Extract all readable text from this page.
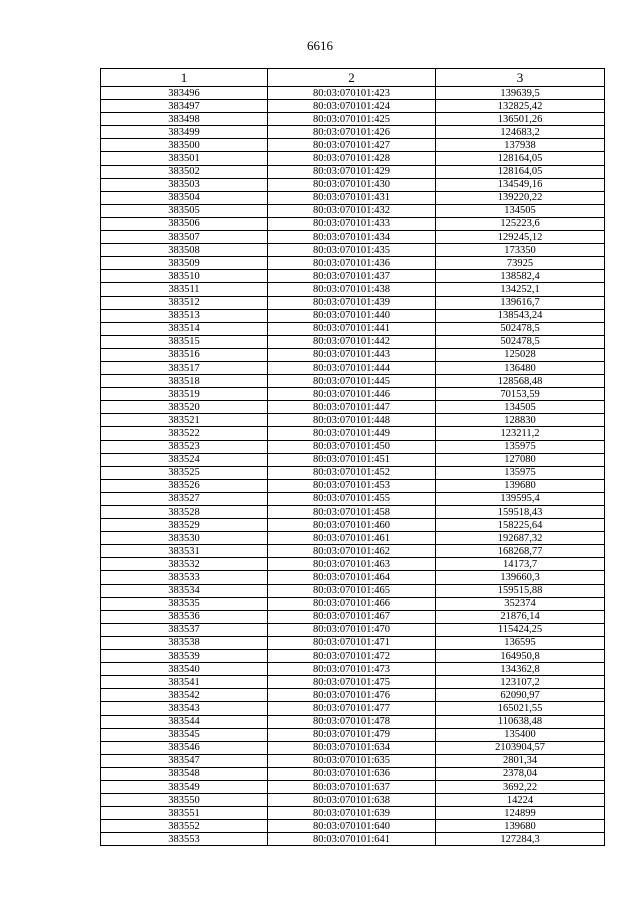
6616
1	2	3
383496	80:03:070101:423	139639,5
383497	80:03:070101:424	132825,42
383498	80:03:070101:425	136501,26
383499	80:03:070101:426	124683,2
383500	80:03:070101:427	137938
383501	80:03:070101:428	128164,05
383502	80:03:070101:429	128164,05
383503	80:03:070101:430	134549,16
383504	80:03:070101:431	139220,22
383505	80:03:070101:432	134505
383506	80:03:070101:433	125223,6
383507	80:03:070101:434	129245,12
383508	80:03:070101:435	173350
383509	80:03:070101:436	73925
383510	80:03:070101:437	138582,4
383511	80:03:070101:438	134252,1
383512	80:03:070101:439	139616,7
383513	80:03:070101:440	138543,24
383514	80:03:070101:441	502478,5
383515	80:03:070101:442	502478,5
383516	80:03:070101:443	125028
383517	80:03:070101:444	136480
383518	80:03:070101:445	128568,48
383519	80:03:070101:446	70153,59
383520	80:03:070101:447	134505
383521	80:03:070101:448	128830
383522	80:03:070101:449	123211,2
383523	80:03:070101:450	135975
383524	80:03:070101:451	127080
383525	80:03:070101:452	135975
383526	80:03:070101:453	139680
383527	80:03:070101:455	139595,4
383528	80:03:070101:458	159518,43
383529	80:03:070101:460	158225,64
383530	80:03:070101:461	192687,32
383531	80:03:070101:462	168268,77
383532	80:03:070101:463	14173,7
383533	80:03:070101:464	139660,3
383534	80:03:070101:465	159515,88
383535	80:03:070101:466	352374
383536	80:03:070101:467	21876,14
383537	80:03:070101:470	115424,25
383538	80:03:070101:471	136595
383539	80:03:070101:472	164950,8
383540	80:03:070101:473	134362,8
383541	80:03:070101:475	123107,2
383542	80:03:070101:476	62090,97
383543	80:03:070101:477	165021,55
383544	80:03:070101:478	110638,48
383545	80:03:070101:479	135400
383546	80:03:070101:634	2103904,57
383547	80:03:070101:635	2801,34
383548	80:03:070101:636	2378,04
383549	80:03:070101:637	3692,22
383550	80:03:070101:638	14224
383551	80:03:070101:639	124899
383552	80:03:070101:640	139680
383553	80:03:070101:641	127284,3
